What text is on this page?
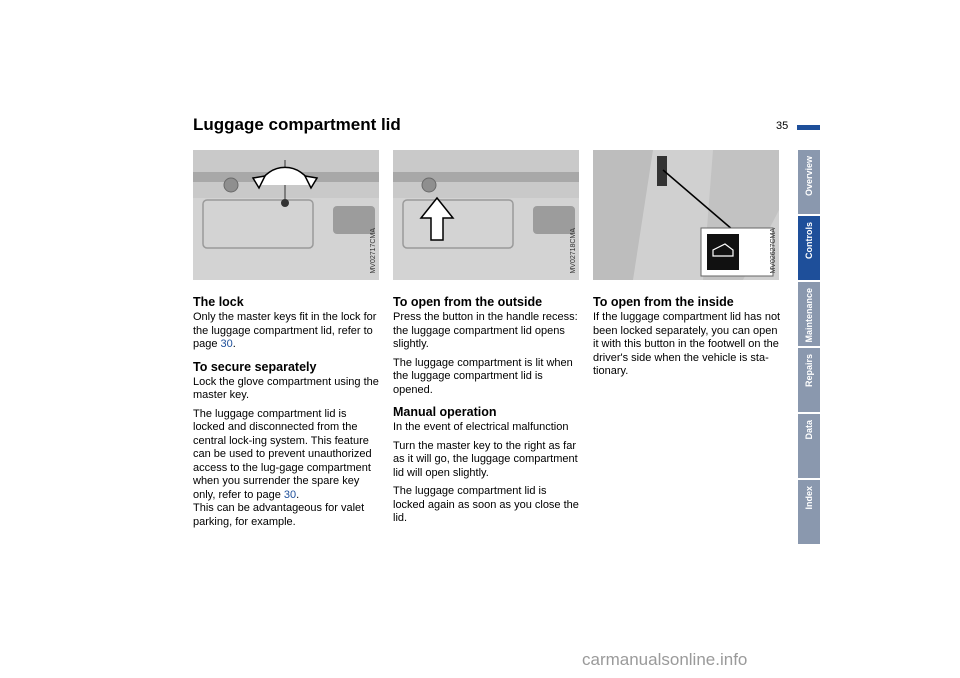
Luggage compartment lid	35
MV02717CMA	MV02718CMA	MV02627CMA
The lock

Only the master keys fit in the lock for the luggage compartment lid, refer to page 30.

To secure separately

Lock the glove compartment using the master key.

The luggage compartment lid is locked and disconnected from the central lock-ing system. This feature can be used to prevent unauthorized access to the lug-gage compartment when you surrender the spare key only, refer to page 30.

This can be advantageous for valet parking, for example.

To open from the outside

Press the button in the handle recess: the luggage compartment lid opens slightly.

The luggage compartment is lit when the luggage compartment lid is opened.

Manual operation

In the event of electrical malfunction

Turn the master key to the right as far as it will go, the luggage compartment lid will open slightly.

The luggage compartment lid is locked again as soon as you close the lid.

To open from the inside

If the luggage compartment lid has not been locked separately, you can open it with this button in the footwell on the driver's side when the vehicle is sta-tionary.

Overview
Controls
Maintenance
Repairs
Data
Index
carmanualsonline.info
